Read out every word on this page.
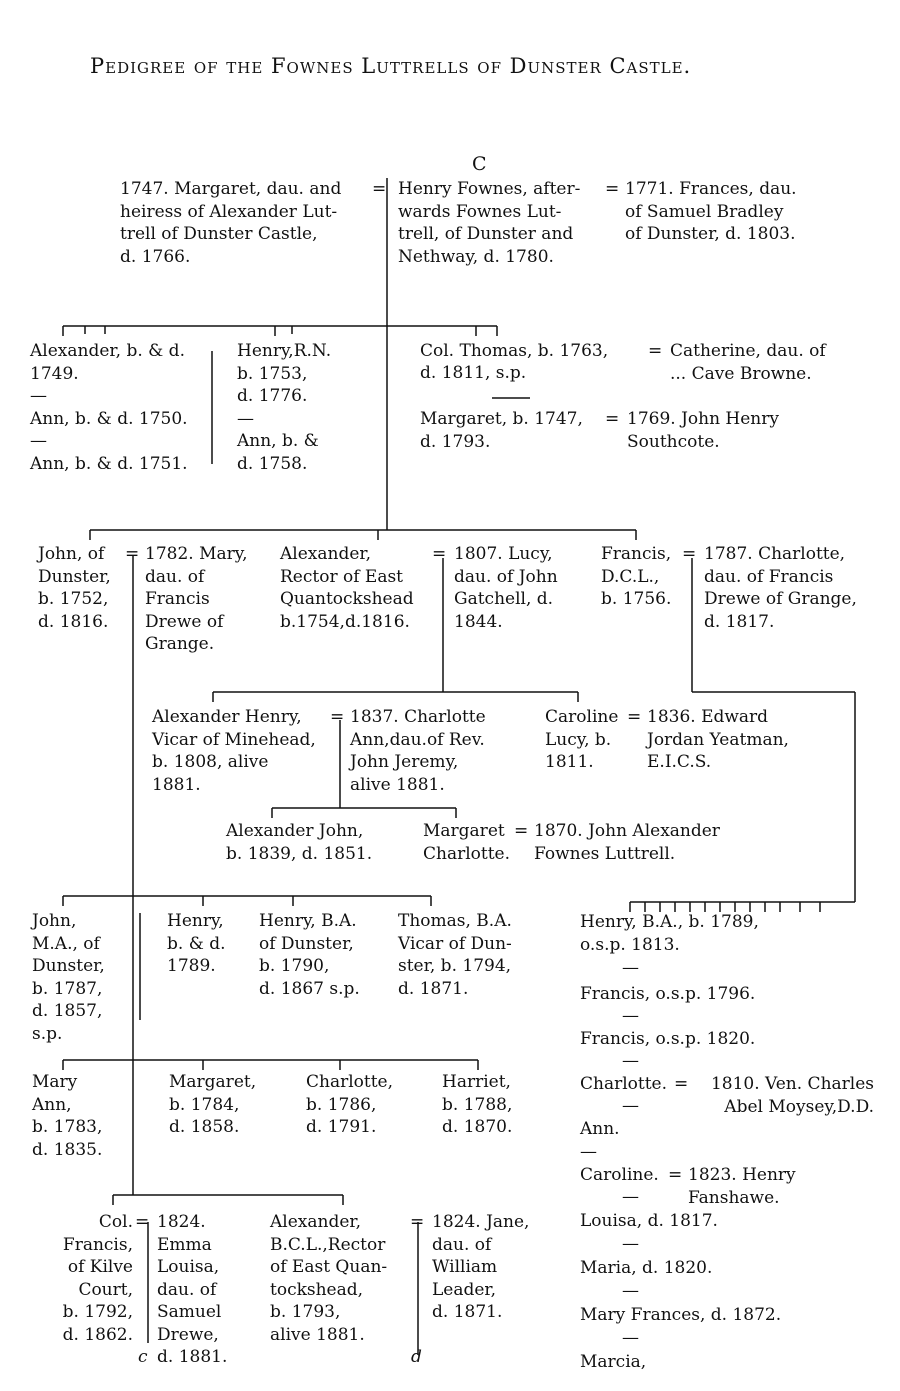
Pedigree of the Fownes Luttrells of Dunster Castle.
C
1747. Margaret, dau. and
heiress of Alexander Lut-
trell of Dunster Castle,
d. 1766.
= Henry Fownes, after-
wards Fownes Lut-
trell, of Dunster and
Nethway, d. 1780.
= 1771. Frances, dau.
of Samuel Bradley
of Dunster, d. 1803.
Alexander, b. & d.
1749.
—
Ann, b. & d. 1750.
—
Ann, b. & d. 1751.
Henry,R.N.
b. 1753,
d. 1776.
—
Ann, b. &
d. 1758.
Col. Thomas, b. 1763, = Catherine, dau. of
... Cave Browne.
d. 1811, s.p.
Margaret, b. 1747,
d. 1793.
= 1769. John Henry
Southcote.
John, of
Dunster,
b. 1752,
d. 1816.
= 1782. Mary,
dau. of
Francis
Drewe of
Grange.
Alexander,
Rector of East
Quantockshead
b.1754,d.1816.
= 1807. Lucy,
dau. of John
Gatchell, d.
1844.
Francis,
D.C.L.,
b. 1756.
= 1787. Charlotte,
dau. of Francis
Drewe of Grange,
d. 1817.
Alexander Henry,
Vicar of Minehead,
b. 1808, alive
1881.
= 1837. Charlotte
Ann,dau.of Rev.
John Jeremy,
alive 1881.
Caroline
Lucy, b.
1811.
= 1836. Edward
Jordan Yeatman,
E.I.C.S.
Alexander John,
b. 1839, d. 1851.
Margaret
Charlotte.
= 1870. John Alexander
Fownes Luttrell.
John,
M.A., of
Dunster,
b. 1787,
d. 1857,
s.p.
Henry,
b. & d.
1789.
Henry, B.A.
of Dunster,
b. 1790,
d. 1867 s.p.
Thomas, B.A.
Vicar of Dun-
ster, b. 1794,
d. 1871.
Mary
Ann,
b. 1783,
d. 1835.
Margaret,
b. 1784,
d. 1858.
Charlotte,
b. 1786,
d. 1791.
Harriet,
b. 1788,
d. 1870.
Henry, B.A., b. 1789,
o.s.p. 1813.
—
Francis, o.s.p. 1796.
—
Francis, o.s.p. 1820.
—
Charlotte. =	1810. Ven. Charles
Abel Moysey,D.D.
—
Ann.
—
Caroline. = 1823. Henry
Fanshawe.
—
Louisa, d. 1817.
—
Maria, d. 1820.
—
Mary Frances, d. 1872.
—
Marcia,
Col.
Francis,
of Kilve
Court,
b. 1792,
d. 1862.
= 1824.
Emma
Louisa,
dau. of
Samuel
Drewe,
d. 1881.
c
Alexander,
B.C.L.,Rector
of East Quan-
tockshead,
b. 1793,
alive 1881.
= 1824. Jane,
dau. of
William
Leader,
d. 1871.
d
